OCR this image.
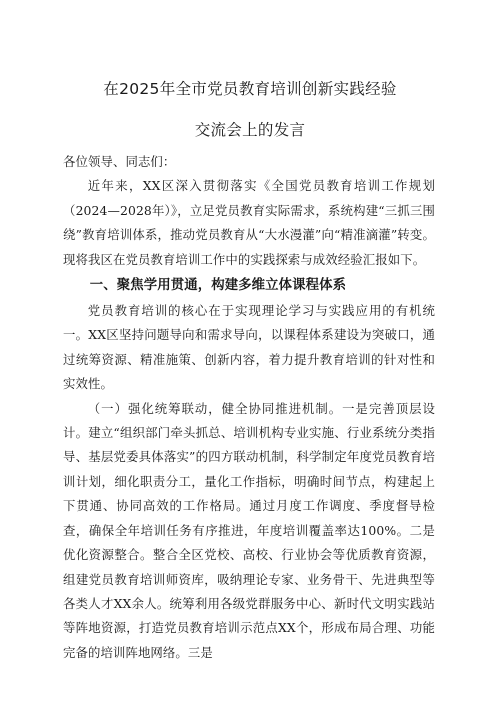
在2025年全市党员教育培训创新实践经验
交流会上的发言

各位领导、同志们：

近年来，XX区深入贯彻落实《全国党员教育培训工作规划（2024—2028年）》，立足党员教育实际需求，系统构建“三抓三围绕”教育培训体系，推动党员教育从“大水漫灌”向“精准滴灌”转变。现将我区在党员教育培训工作中的实践探索与成效经验汇报如下。

一、聚焦学用贯通，构建多维立体课程体系

党员教育培训的核心在于实现理论学习与实践应用的有机统一。XX区坚持问题导向和需求导向，以课程体系建设为突破口，通过统筹资源、精准施策、创新内容，着力提升教育培训的针对性和实效性。

（一）强化统筹联动，健全协同推进机制。一是完善顶层设计。建立“组织部门牵头抓总、培训机构专业实施、行业系统分类指导、基层党委具体落实”的四方联动机制，科学制定年度党员教育培训计划，细化职责分工，量化工作指标，明确时间节点，构建起上下贯通、协同高效的工作格局。通过月度工作调度、季度督导检查，确保全年培训任务有序推进，年度培训覆盖率达100%。二是优化资源整合。整合全区党校、高校、行业协会等优质教育资源，组建党员教育培训师资库，吸纳理论专家、业务骨干、先进典型等各类人才XX余人。统筹利用各级党群服务中心、新时代文明实践站等阵地资源，打造党员教育培训示范点XX个，形成布局合理、功能完备的培训阵地网络。三是
